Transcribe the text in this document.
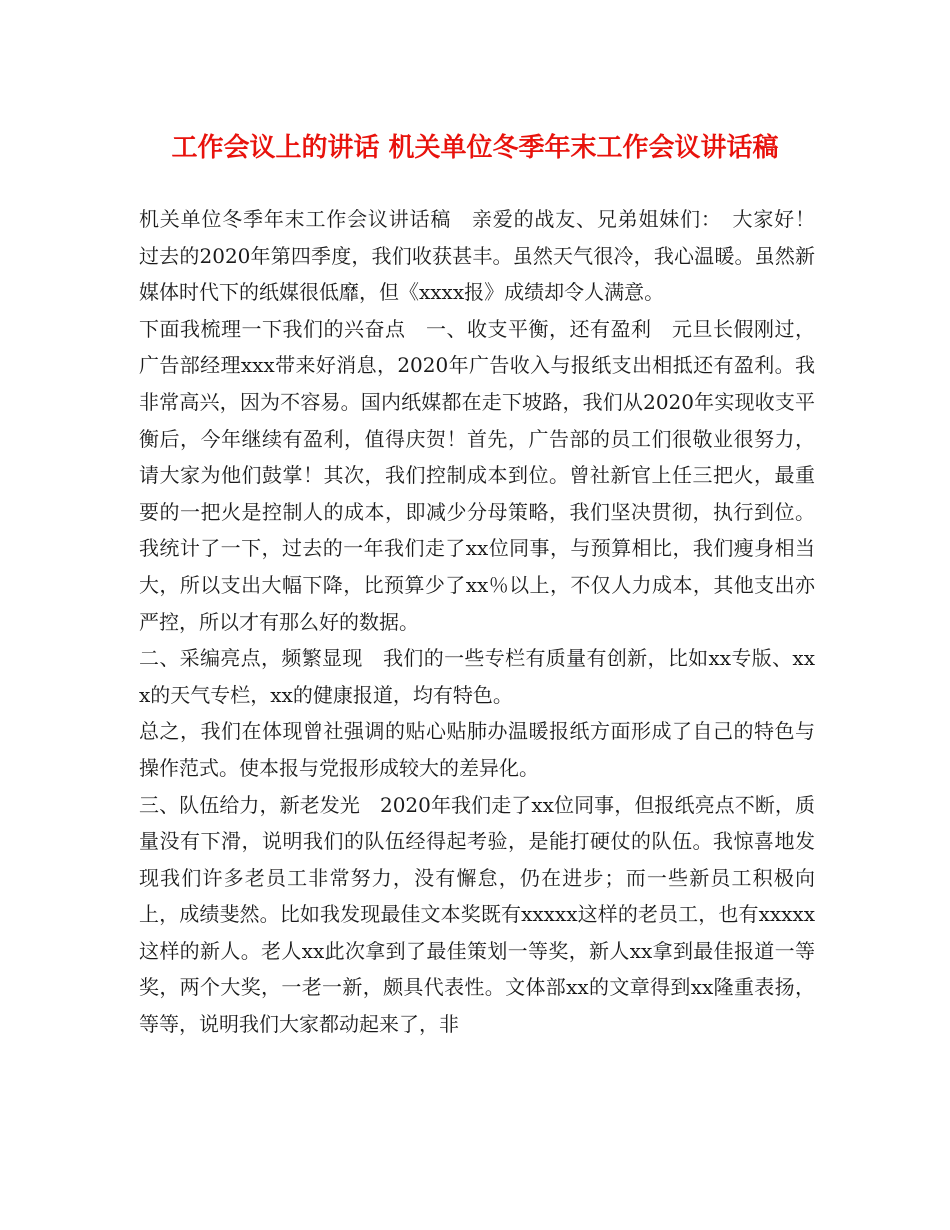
工作会议上的讲话 机关单位冬季年末工作会议讲话稿

机关单位冬季年末工作会议讲话稿　亲爱的战友、兄弟姐妹们：　大家好！　过去的2020年第四季度，我们收获甚丰。虽然天气很冷，我心温暖。虽然新媒体时代下的纸媒很低靡，但《xxxx报》成绩却令人满意。

下面我梳理一下我们的兴奋点　一、收支平衡，还有盈利　元旦长假刚过，广告部经理xxx带来好消息，2020年广告收入与报纸支出相抵还有盈利。我非常高兴，因为不容易。国内纸媒都在走下坡路，我们从2020年实现收支平衡后，今年继续有盈利，值得庆贺！首先，广告部的员工们很敬业很努力，请大家为他们鼓掌！其次，我们控制成本到位。曾社新官上任三把火，最重要的一把火是控制人的成本，即减少分母策略，我们坚决贯彻，执行到位。我统计了一下，过去的一年我们走了xx位同事，与预算相比，我们瘦身相当大，所以支出大幅下降，比预算少了xx％以上，不仅人力成本，其他支出亦严控，所以才有那么好的数据。

二、采编亮点，频繁显现　我们的一些专栏有质量有创新，比如xx专版、xxx的天气专栏，xx的健康报道，均有特色。

总之，我们在体现曾社强调的贴心贴肺办温暖报纸方面形成了自己的特色与操作范式。使本报与党报形成较大的差异化。

三、队伍给力，新老发光　2020年我们走了xx位同事，但报纸亮点不断，质量没有下滑，说明我们的队伍经得起考验，是能打硬仗的队伍。我惊喜地发现我们许多老员工非常努力，没有懈怠，仍在进步；而一些新员工积极向上，成绩斐然。比如我发现最佳文本奖既有xxxxx这样的老员工，也有xxxxx这样的新人。老人xx此次拿到了最佳策划一等奖，新人xx拿到最佳报道一等奖，两个大奖，一老一新，颇具代表性。文体部xx的文章得到xx隆重表扬，等等，说明我们大家都动起来了，非
